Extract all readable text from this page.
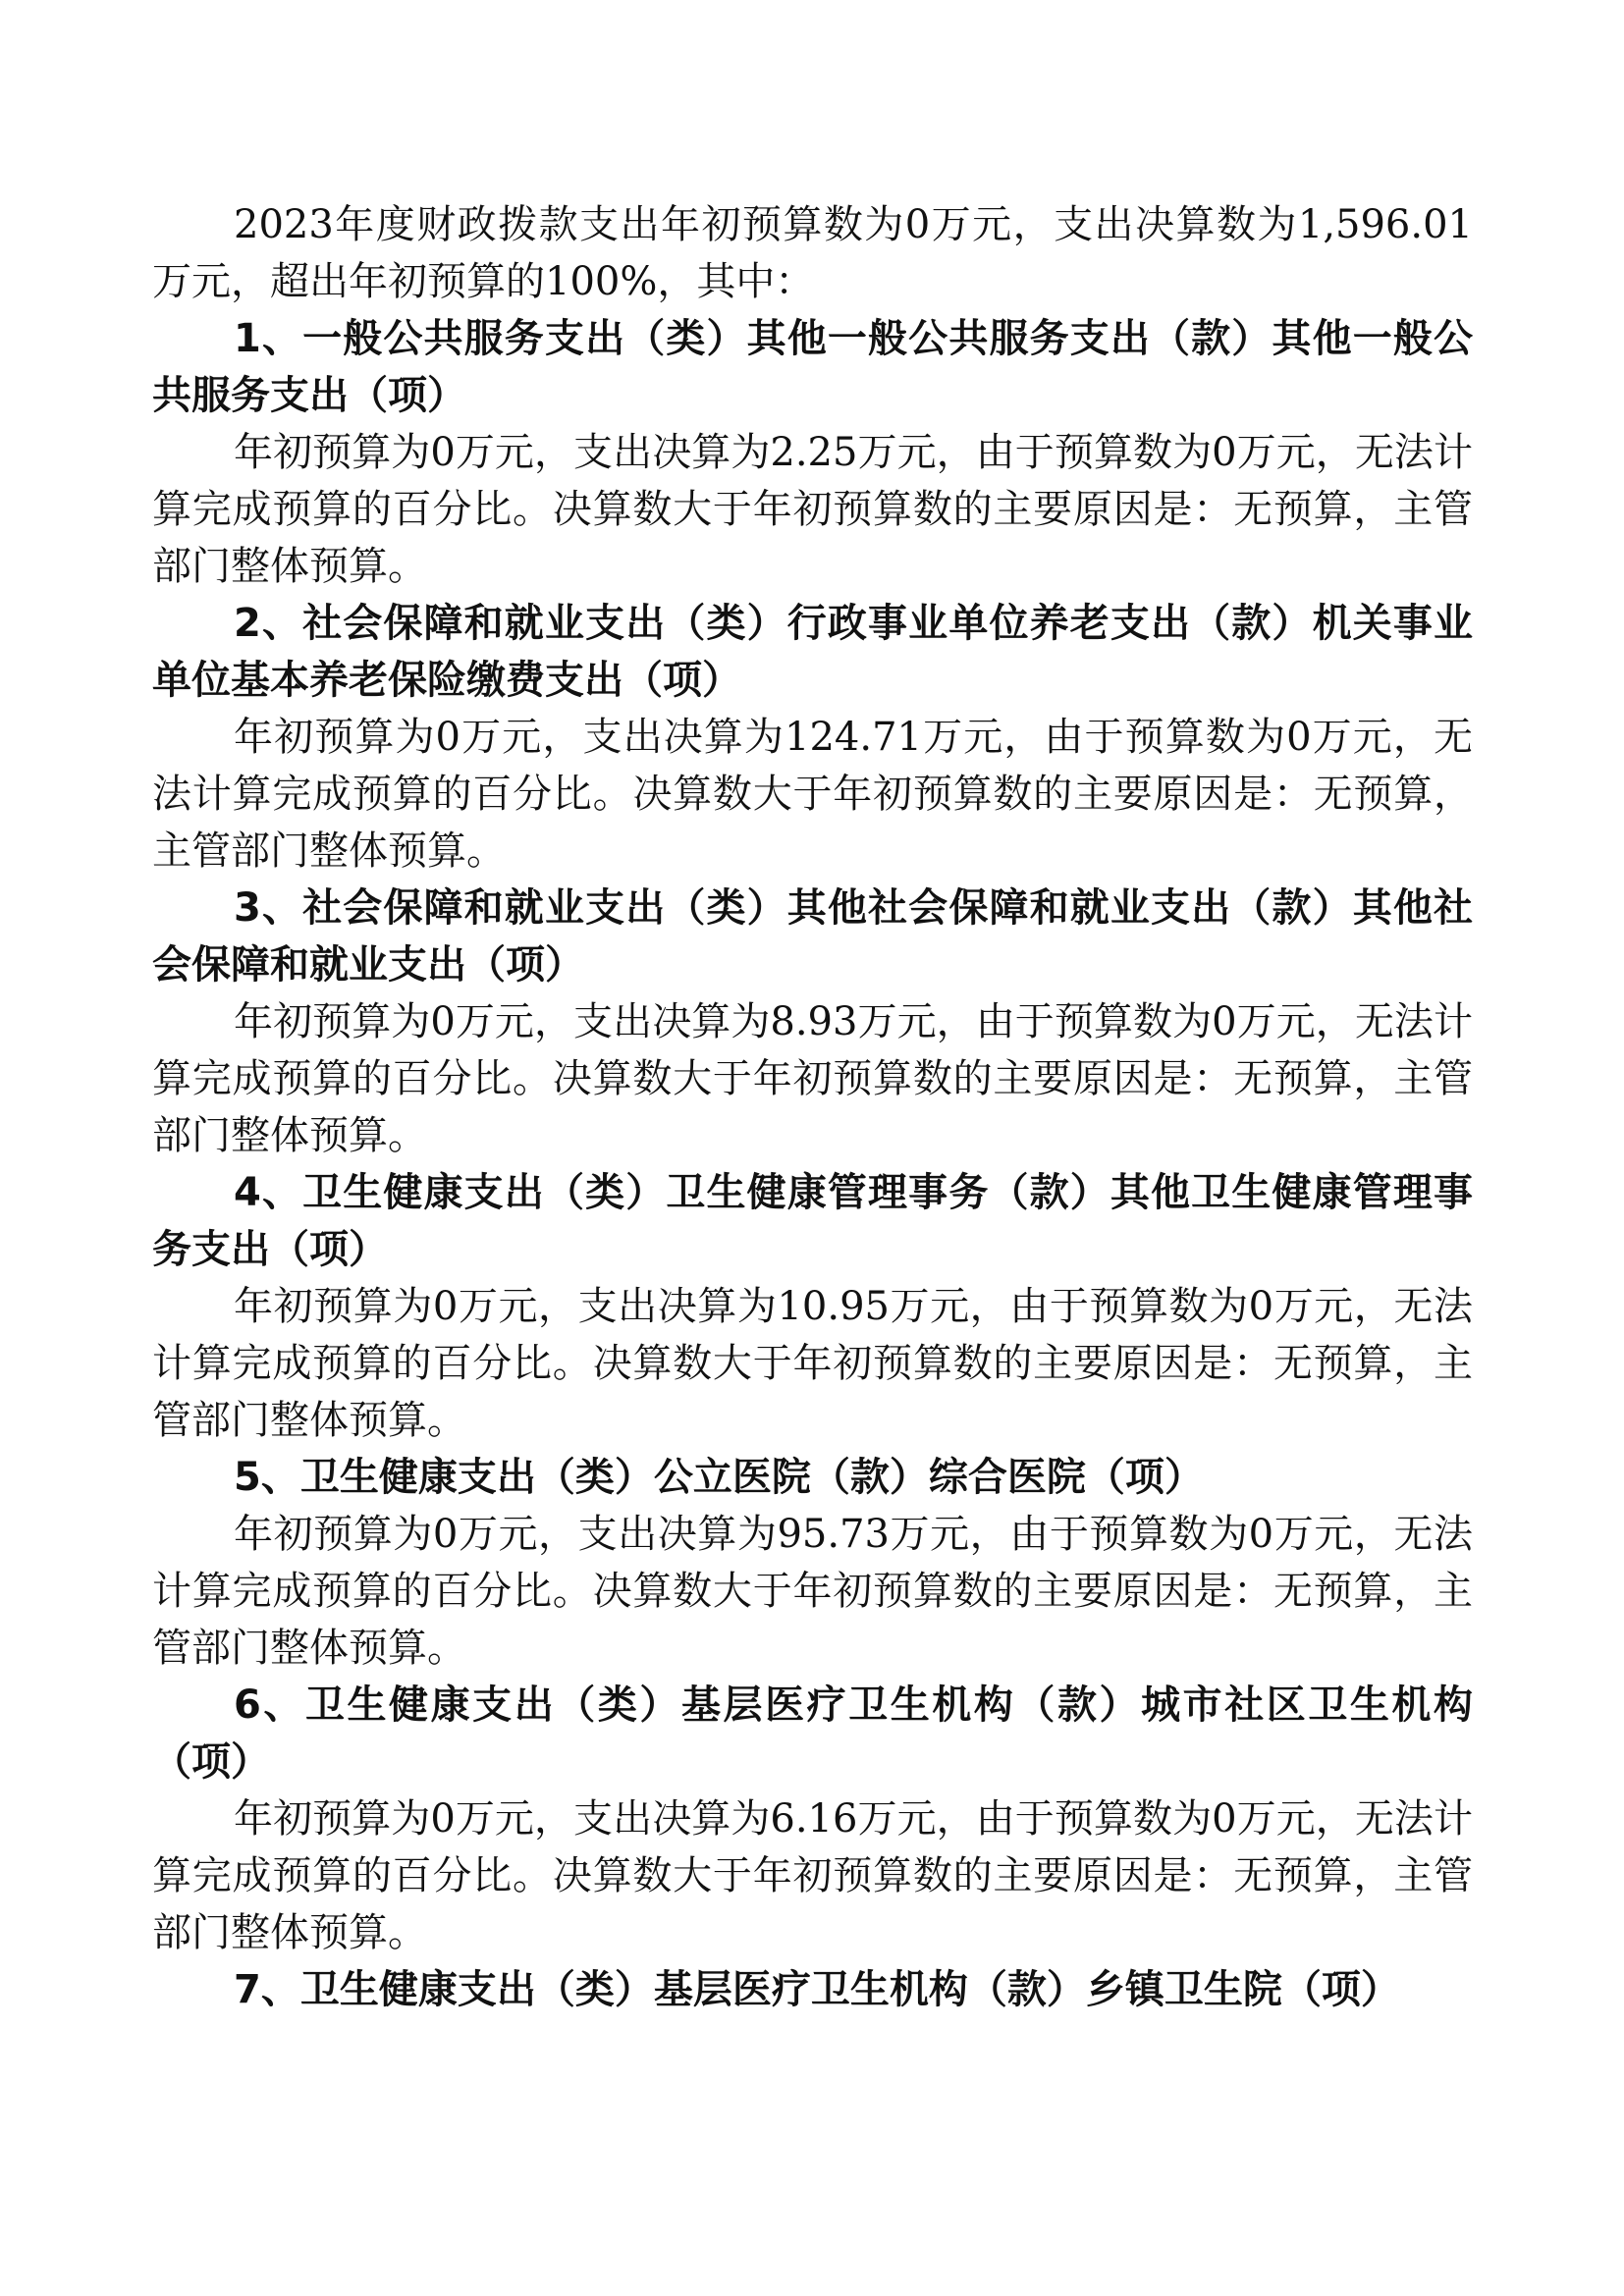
2023年度财政拨款支出年初预算数为0万元，支出决算数为1,596.01万元，超出年初预算的100%，其中：

1、一般公共服务支出（类）其他一般公共服务支出（款）其他一般公共服务支出（项）

年初预算为0万元，支出决算为2.25万元，由于预算数为0万元，无法计算完成预算的百分比。决算数大于年初预算数的主要原因是：无预算，主管部门整体预算。

2、社会保障和就业支出（类）行政事业单位养老支出（款）机关事业单位基本养老保险缴费支出（项）

年初预算为0万元，支出决算为124.71万元，由于预算数为0万元，无法计算完成预算的百分比。决算数大于年初预算数的主要原因是：无预算，主管部门整体预算。

3、社会保障和就业支出（类）其他社会保障和就业支出（款）其他社会保障和就业支出（项）

年初预算为0万元，支出决算为8.93万元，由于预算数为0万元，无法计算完成预算的百分比。决算数大于年初预算数的主要原因是：无预算，主管部门整体预算。

4、卫生健康支出（类）卫生健康管理事务（款）其他卫生健康管理事务支出（项）

年初预算为0万元，支出决算为10.95万元，由于预算数为0万元，无法计算完成预算的百分比。决算数大于年初预算数的主要原因是：无预算，主管部门整体预算。

5、卫生健康支出（类）公立医院（款）综合医院（项）

年初预算为0万元，支出决算为95.73万元，由于预算数为0万元，无法计算完成预算的百分比。决算数大于年初预算数的主要原因是：无预算，主管部门整体预算。

6、卫生健康支出（类）基层医疗卫生机构（款）城市社区卫生机构（项）

年初预算为0万元，支出决算为6.16万元，由于预算数为0万元，无法计算完成预算的百分比。决算数大于年初预算数的主要原因是：无预算，主管部门整体预算。

7、卫生健康支出（类）基层医疗卫生机构（款）乡镇卫生院（项）
